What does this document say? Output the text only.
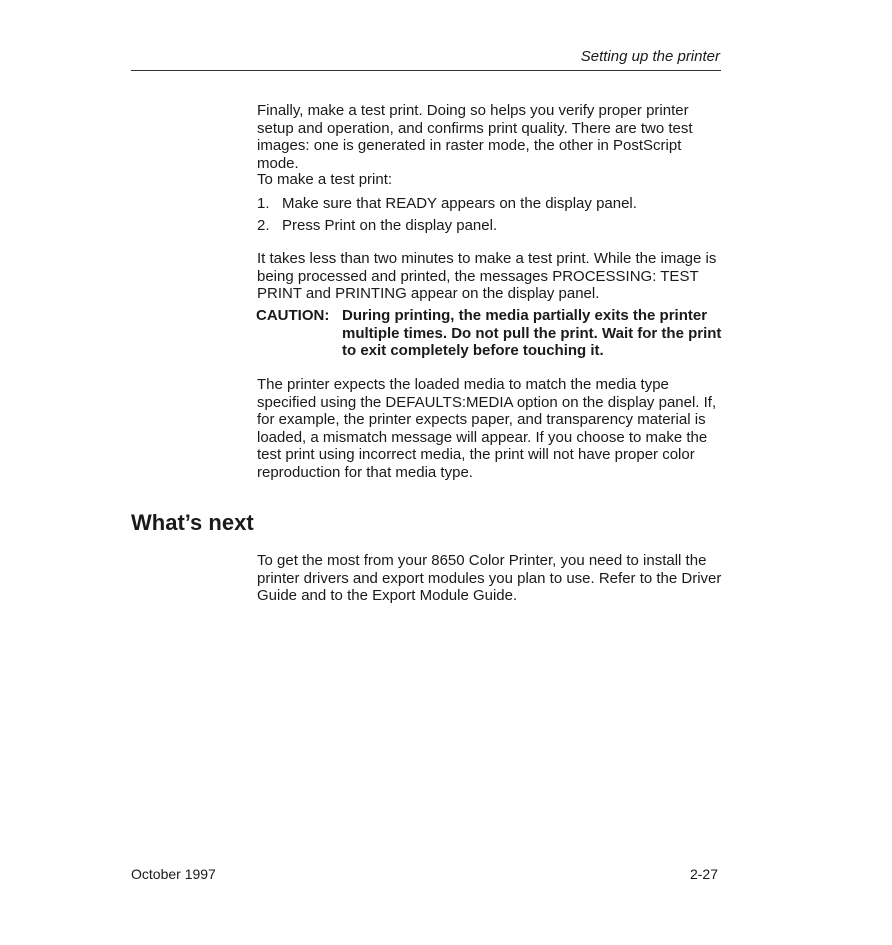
Setting up the printer

Finally, make a test print. Doing so helps you verify proper printer setup and operation, and confirms print quality. There are two test images: one is generated in raster mode, the other in PostScript mode.

To make a test print:

1. Make sure that READY appears on the display panel.
2. Press Print on the display panel.

It takes less than two minutes to make a test print. While the image is being processed and printed, the messages PROCESSING: TEST PRINT and PRINTING appear on the display panel.

CAUTION: During printing, the media partially exits the printer multiple times. Do not pull the print. Wait for the print to exit completely before touching it.

The printer expects the loaded media to match the media type specified using the DEFAULTS:MEDIA option on the display panel. If, for example, the printer expects paper, and transparency material is loaded, a mismatch message will appear. If you choose to make the test print using incorrect media, the print will not have proper color reproduction for that media type.

What’s next

To get the most from your 8650 Color Printer, you need to install the printer drivers and export modules you plan to use. Refer to the Driver Guide and to the Export Module Guide.

October 1997	2-27
